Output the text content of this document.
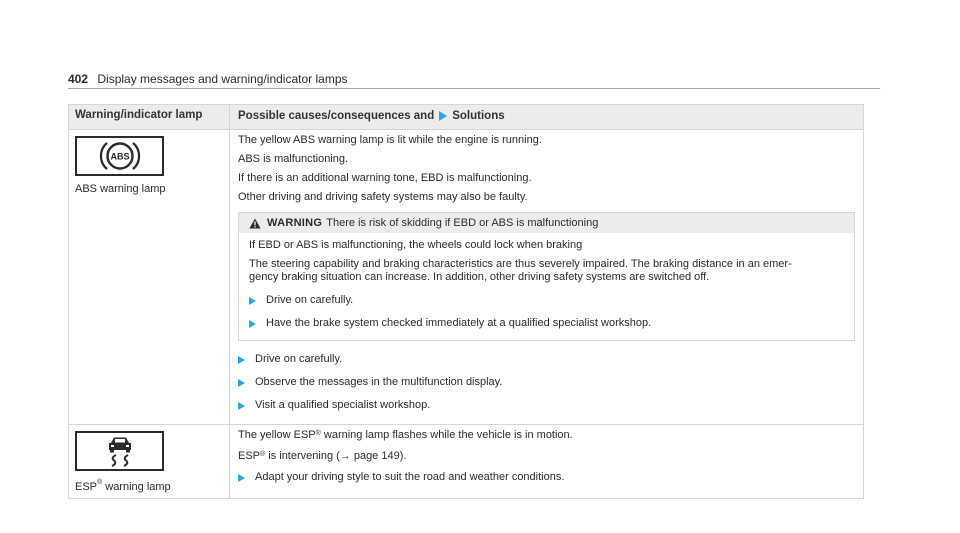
402 Display messages and warning/indicator lamps
Warning/indicator lamp	Possible causes/consequences and Solutions
ABS
ABS warning lamp

The yellow ABS warning lamp is lit while the engine is running.

ABS is malfunctioning.

If there is an additional warning tone, EBD is malfunctioning.

Other driving and driving safety systems may also be faulty.

WARNING There is risk of skidding if EBD or ABS is malfunctioning

If EBD or ABS is malfunctioning, the wheels could lock when braking

The steering capability and braking characteristics are thus severely impaired. The braking distance in an emer-

gency braking situation can increase. In addition, other driving safety systems are switched off.

Drive on carefully.
Have the brake system checked immediately at a qualified specialist workshop.
Drive on carefully.
Observe the messages in the multifunction display.
Visit a qualified specialist workshop.
ESP® warning lamp

The yellow ESP® warning lamp flashes while the vehicle is in motion.

ESP® is intervening (→ page 149).

Adapt your driving style to suit the road and weather conditions.
